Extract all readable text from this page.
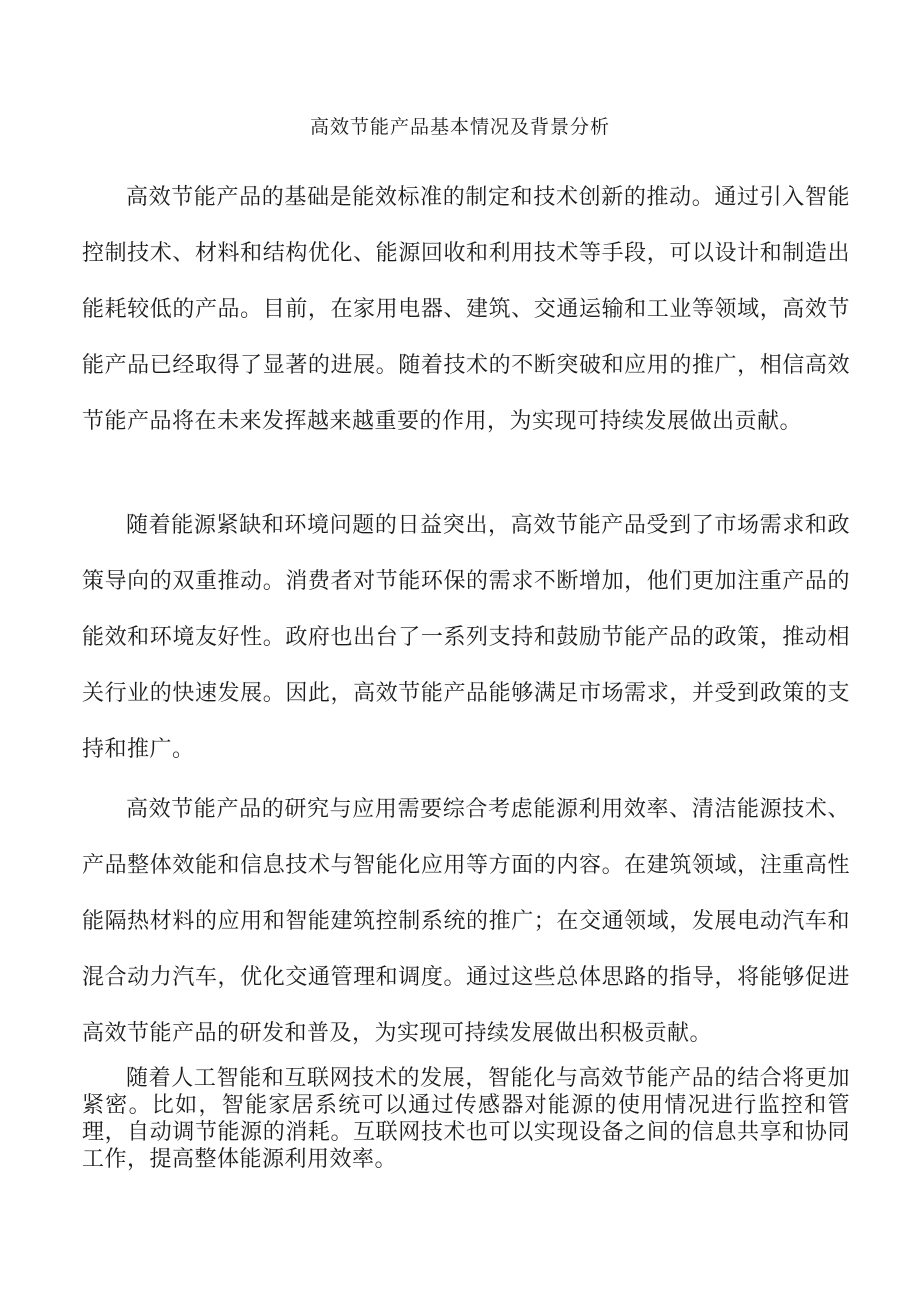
高效节能产品基本情况及背景分析

高效节能产品的基础是能效标准的制定和技术创新的推动。通过引入智能控制技术、材料和结构优化、能源回收和利用技术等手段，可以设计和制造出能耗较低的产品。目前，在家用电器、建筑、交通运输和工业等领域，高效节能产品已经取得了显著的进展。随着技术的不断突破和应用的推广，相信高效节能产品将在未来发挥越来越重要的作用，为实现可持续发展做出贡献。

随着能源紧缺和环境问题的日益突出，高效节能产品受到了市场需求和政策导向的双重推动。消费者对节能环保的需求不断增加，他们更加注重产品的能效和环境友好性。政府也出台了一系列支持和鼓励节能产品的政策，推动相关行业的快速发展。因此，高效节能产品能够满足市场需求，并受到政策的支持和推广。

高效节能产品的研究与应用需要综合考虑能源利用效率、清洁能源技术、产品整体效能和信息技术与智能化应用等方面的内容。在建筑领域，注重高性能隔热材料的应用和智能建筑控制系统的推广；在交通领域，发展电动汽车和混合动力汽车，优化交通管理和调度。通过这些总体思路的指导，将能够促进高效节能产品的研发和普及，为实现可持续发展做出积极贡献。

随着人工智能和互联网技术的发展，智能化与高效节能产品的结合将更加紧密。比如，智能家居系统可以通过传感器对能源的使用情况进行监控和管理，自动调节能源的消耗。互联网技术也可以实现设备之间的信息共享和协同工作，提高整体能源利用效率。
